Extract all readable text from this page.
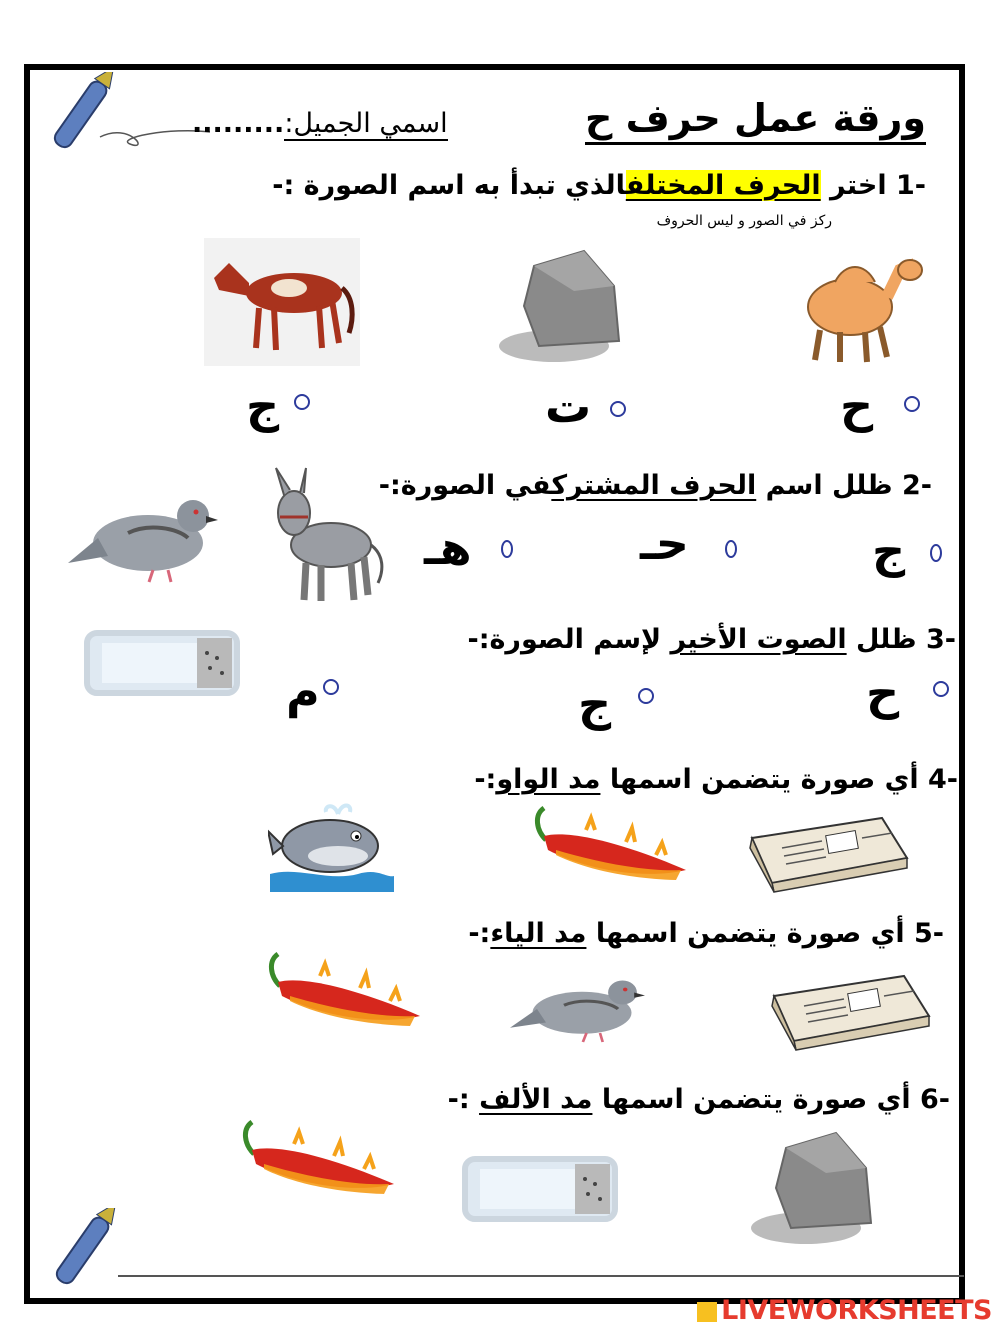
ورقة عمل حرف ح
اسمي الجميل:.........
-1 اختر الحرف المختلفالذي تبدأ به اسم الصورة :-
ركز في الصور و ليس الحروف
ح
ت
ج
-2 ظلل اسم الحرف المشتركفي الصورة:-
ج
حـ
هـ
-3 ظلل الصوت الأخير لإسم الصورة:-
ح
ج
م
-4 أي صورة يتضمن اسمها مد الواو:-
-5 أي صورة يتضمن اسمها مد الياء:-
-6 أي صورة يتضمن اسمها مد الألف :-
LIVEWORKSHEETS
